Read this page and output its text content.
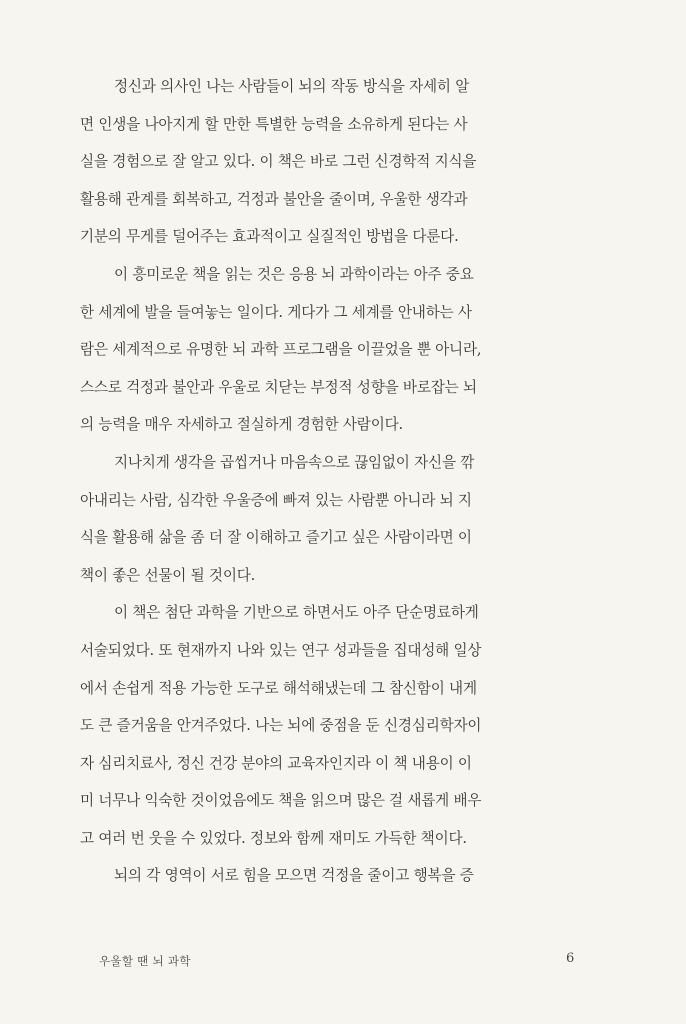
정신과 의사인 나는 사람들이 뇌의 작동 방식을 자세히 알
면 인생을 나아지게 할 만한 특별한 능력을 소유하게 된다는 사
실을 경험으로 잘 알고 있다. 이 책은 바로 그런 신경학적 지식을
활용해 관계를 회복하고, 걱정과 불안을 줄이며, 우울한 생각과
기분의 무게를 덜어주는 효과적이고 실질적인 방법을 다룬다.
이 흥미로운 책을 읽는 것은 응용 뇌 과학이라는 아주 중요
한 세계에 발을 들여놓는 일이다. 게다가 그 세계를 안내하는 사
람은 세계적으로 유명한 뇌 과학 프로그램을 이끌었을 뿐 아니라,
스스로 걱정과 불안과 우울로 치닫는 부정적 성향을 바로잡는 뇌
의 능력을 매우 자세하고 절실하게 경험한 사람이다.
지나치게 생각을 곱씹거나 마음속으로 끊임없이 자신을 깎
아내리는 사람, 심각한 우울증에 빠져 있는 사람뿐 아니라 뇌 지
식을 활용해 삶을 좀 더 잘 이해하고 즐기고 싶은 사람이라면 이
책이 좋은 선물이 될 것이다.
이 책은 첨단 과학을 기반으로 하면서도 아주 단순명료하게
서술되었다. 또 현재까지 나와 있는 연구 성과들을 집대성해 일상
에서 손쉽게 적용 가능한 도구로 해석해냈는데 그 참신함이 내게
도 큰 즐거움을 안겨주었다. 나는 뇌에 중점을 둔 신경심리학자이
자 심리치료사, 정신 건강 분야의 교육자인지라 이 책 내용이 이
미 너무나 익숙한 것이었음에도 책을 읽으며 많은 걸 새롭게 배우
고 여러 번 웃을 수 있었다. 정보와 함께 재미도 가득한 책이다.
뇌의 각 영역이 서로 힘을 모으면 걱정을 줄이고 행복을 증
우울할 땐 뇌 과학	6
